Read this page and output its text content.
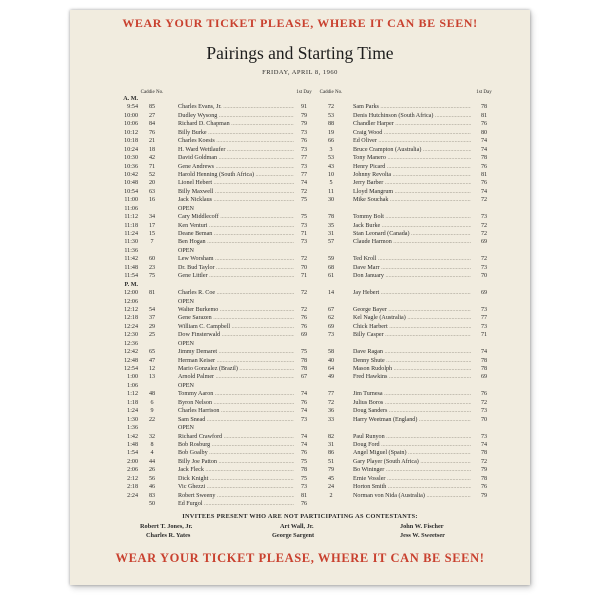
WEAR YOUR TICKET PLEASE, WHERE IT CAN BE SEEN!
Pairings and Starting Time
FRIDAY, APRIL 8, 1960
Caddie No.	1st Day	Caddie No.	1st Day
A. M.
9:54	85	Charles Evans, Jr. .....	91	72	Sam Parks .....	78
10:00	27	Dudley Wysong .....	79	53	Denis Hutchinson (South Africa) .....	81
10:06	84	Richard D. Chapman .....	79	88	Chandler Harper .....	76
10:12	76	Billy Burke .....	73	19	Craig Wood .....	80
10:18	21	Charles Koesis .....	76	66	Ed Oliver .....	74
10:24	18	H. Ward Wettlaufer .....	73	3	Bruce Crampton (Australia) .....	74
10:30	42	David Goldman .....	77	53	Tony Manero .....	78
10:36	71	Gene Andrews .....	73	43	Henry Picard .....	76
10:42	52	Harold Henning (South Africa) .....	77	10	Johnny Revolta .....	81
10:48	20	Lionel Hebert .....	74	5	Jerry Barber .....	76
10:54	63	Billy Maxwell .....	72	11	Lloyd Mangrum .....	74
11:00	16	Jack Nicklaus .....	75	30	Mike Souchak .....	72
11:06	OPEN
11:12	34	Cary Middlecoff .....	75	78	Tommy Bolt .....	73
11:18	17	Ken Venturi .....	73	35	Jack Burke .....	72
11:24	15	Deane Beman .....	71	31	Stan Leonard (Canada) .....	72
11:30	7	Ben Hogan .....	73	57	Claude Harmon .....	69
11:36	OPEN
11:42	60	Lew Worsham .....	72	59	Ted Kroll .....	72
11:48	23	Dr. Bud Taylor .....	70	68	Dave Marr .....	73
11:54	75	Gene Littler .....	71	61	Don January .....	70
P. M.
12:00	81	Charles R. Coe .....	72	14	Jay Hebert .....	69
12:06	OPEN
12:12	54	Walter Burkemo .....	72	67	George Bayer .....	73
12:18	37	Gene Sarazen .....	76	62	Kel Nagle (Australia) .....	77
12:24	29	William C. Campbell .....	76	69	Chick Harbert .....	73
12:30	25	Dow Finsterwald .....	69	73	Billy Casper .....	71
12:36	OPEN
12:42	65	Jimmy Demaret .....	75	58	Dave Ragan .....	74
12:48	47	Herman Keiser .....	78	40	Denny Shute .....	78
12:54	12	Mario Gonzalez (Brazil) .....	78	64	Mason Rudolph .....	78
1:00	13	Arnold Palmer .....	67	49	Fred Hawkins .....	69
1:06	OPEN
1:12	48	Tommy Aaron .....	74	77	Jim Turnesa .....	76
1:18	6	Byron Nelson .....	76	72	Julius Boros .....	72
1:24	9	Charles Harrison .....	74	36	Doug Sanders .....	73
1:30	22	Sam Snead .....	73	33	Harry Weetman (England) .....	70
1:36	OPEN
1:42	32	Richard Crawford .....	74	82	Paul Runyon .....	73
1:48	8	Bob Rosburg .....	74	31	Doug Ford .....	74
1:54	4	Bob Goalby .....	76	86	Angel Miguel (Spain) .....	78
2:00	44	Billy Joe Patton .....	75	51	Gary Player (South Africa) .....	72
2:06	26	Jack Fleck .....	78	79	Bo Wininger .....	79
2:12	56	Dick Knight .....	75	45	Ernie Vossler .....	78
2:18	46	Vic Ghezzi .....	73	24	Horton Smith .....	76
2:24	83	Robert Sweeny .....	81	2	Norman von Nida (Australia) .....	79
50	Ed Furgol .....	76
INVITEES PRESENT WHO ARE NOT PARTICIPATING AS CONTESTANTS:
Robert T. Jones, Jr.
Charles R. Yates
Art Wall, Jr.
George Sargent
John W. Fischer
Jess W. Sweetser
WEAR YOUR TICKET PLEASE, WHERE IT CAN BE SEEN!
